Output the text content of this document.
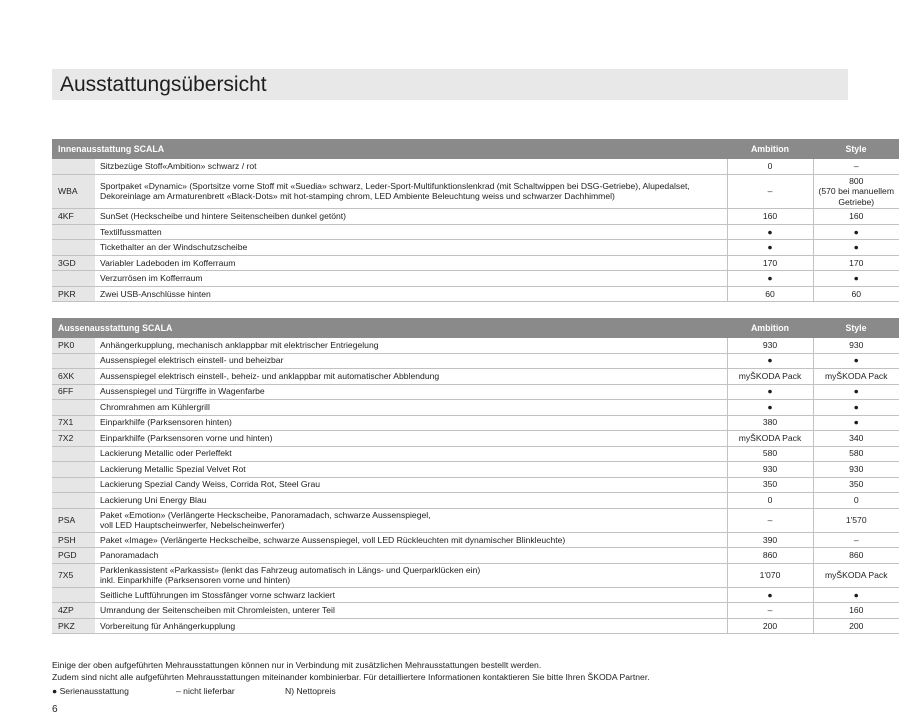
Ausstattungsübersicht
Innenausstattung SCALA		Ambition	Style
	Sitzbezüge Stoff«Ambition» schwarz / rot	0	–
WBA	Sportpaket «Dynamic» (Sportsitze vorne Stoff mit «Suedia» schwarz, Leder-Sport-Multifunktionslenkrad (mit Schaltwippen bei DSG-Getriebe), Alupedalset, Dekoreinlage am Armaturenbrett «Black-Dots» mit hot-stamping chrom, LED Ambiente Beleuchtung weiss und schwarzer Dachhimmel)	–	800
(570 bei manuellem Getriebe)
4KF	SunSet (Heckscheibe und hintere Seitenscheiben dunkel getönt)	160	160
	Textilfussmatten	●	●
	Tickethalter an der Windschutzscheibe	●	●
3GD	Variabler Ladeboden im Kofferraum	170	170
	Verzurrösen im Kofferraum	●	●
PKR	Zwei USB-Anschlüsse hinten	60	60
Aussenausstattung SCALA		Ambition	Style
PK0	Anhängerkupplung, mechanisch anklappbar mit elektrischer Entriegelung	930	930
	Aussenspiegel elektrisch einstell- und beheizbar	●	●
6XK	Aussenspiegel elektrisch einstell-, beheiz- und anklappbar mit automatischer Abblendung	myŠKODA Pack	myŠKODA Pack
6FF	Aussenspiegel und Türgriffe in Wagenfarbe	●	●
	Chromrahmen am Kühlergrill	●	●
7X1	Einparkhilfe (Parksensoren hinten)	380	●
7X2	Einparkhilfe (Parksensoren vorne und hinten)	myŠKODA Pack	340
	Lackierung Metallic oder Perleffekt	580	580
	Lackierung Metallic Spezial Velvet Rot	930	930
	Lackierung Spezial Candy Weiss, Corrida Rot, Steel Grau	350	350
	Lackierung Uni Energy Blau	0	0
PSA	Paket «Emotion» (Verlängerte Heckscheibe, Panoramadach, schwarze Aussenspiegel,
voll LED Hauptscheinwerfer, Nebelscheinwerfer)	–	1'570
PSH	Paket «Image» (Verlängerte Heckscheibe, schwarze Aussenspiegel, voll LED Rückleuchten mit dynamischer Blinkleuchte)	390	–
PGD	Panoramadach	860	860
7X5	Parklenkassistent «Parkassist» (lenkt das Fahrzeug automatisch in Längs- und Querparklücken ein)
inkl. Einparkhilfe (Parksensoren vorne und hinten)	1'070	myŠKODA Pack
	Seitliche Luftführungen im Stossfänger vorne schwarz lackiert	●	●
4ZP	Umrandung der Seitenscheiben mit Chromleisten, unterer Teil	–	160
PKZ	Vorbereitung für Anhängerkupplung	200	200
Einige der oben aufgeführten Mehrausstattungen können nur in Verbindung mit zusätzlichen Mehrausstattungen bestellt werden.
Zudem sind nicht alle aufgeführten Mehrausstattungen miteinander kombinierbar. Für detailliertere Informationen kontaktieren Sie bitte Ihren ŠKODA Partner.
● Serienausstattung	– nicht lieferbar	N) Nettopreis
6
